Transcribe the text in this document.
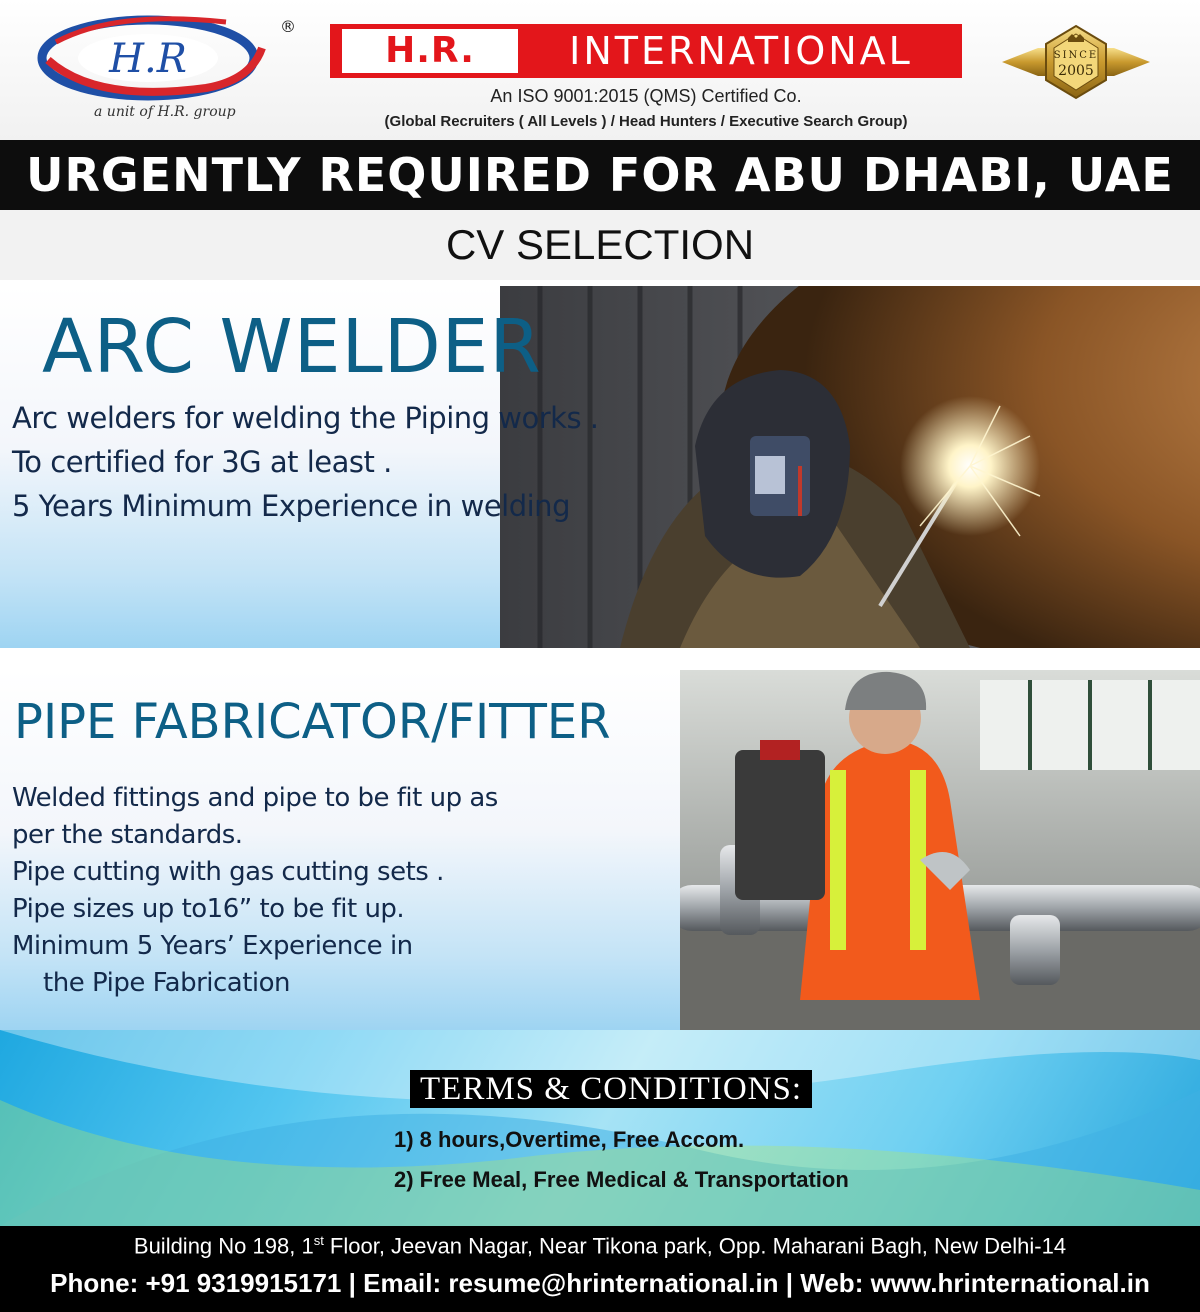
H.R
®
a unit of H.R. group
H.R.	INTERNATIONAL
An ISO 9001:2015 (QMS) Certified Co.
(Global Recruiters ( All Levels ) / Head Hunters / Executive Search Group)
SINCE
2005
URGENTLY REQUIRED FOR ABU DHABI, UAE
CV SELECTION
ARC WELDER
Arc welders for welding the Piping works .
To certified for 3G at least .
5 Years Minimum Experience in welding
PIPE FABRICATOR/FITTER
Welded fittings and pipe to be fit up as
per the standards.
Pipe cutting with gas cutting sets .
Pipe sizes up to16” to be fit up.
Minimum 5 Years’ Experience in
the Pipe Fabrication
TERMS & CONDITIONS:
1) 8 hours,Overtime, Free Accom.
2) Free Meal, Free Medical & Transportation
Building No 198, 1st Floor, Jeevan Nagar, Near Tikona park, Opp. Maharani Bagh, New Delhi-14
Phone: +91 9319915171 | Email: resume@hrinternational.in | Web: www.hrinternational.in
